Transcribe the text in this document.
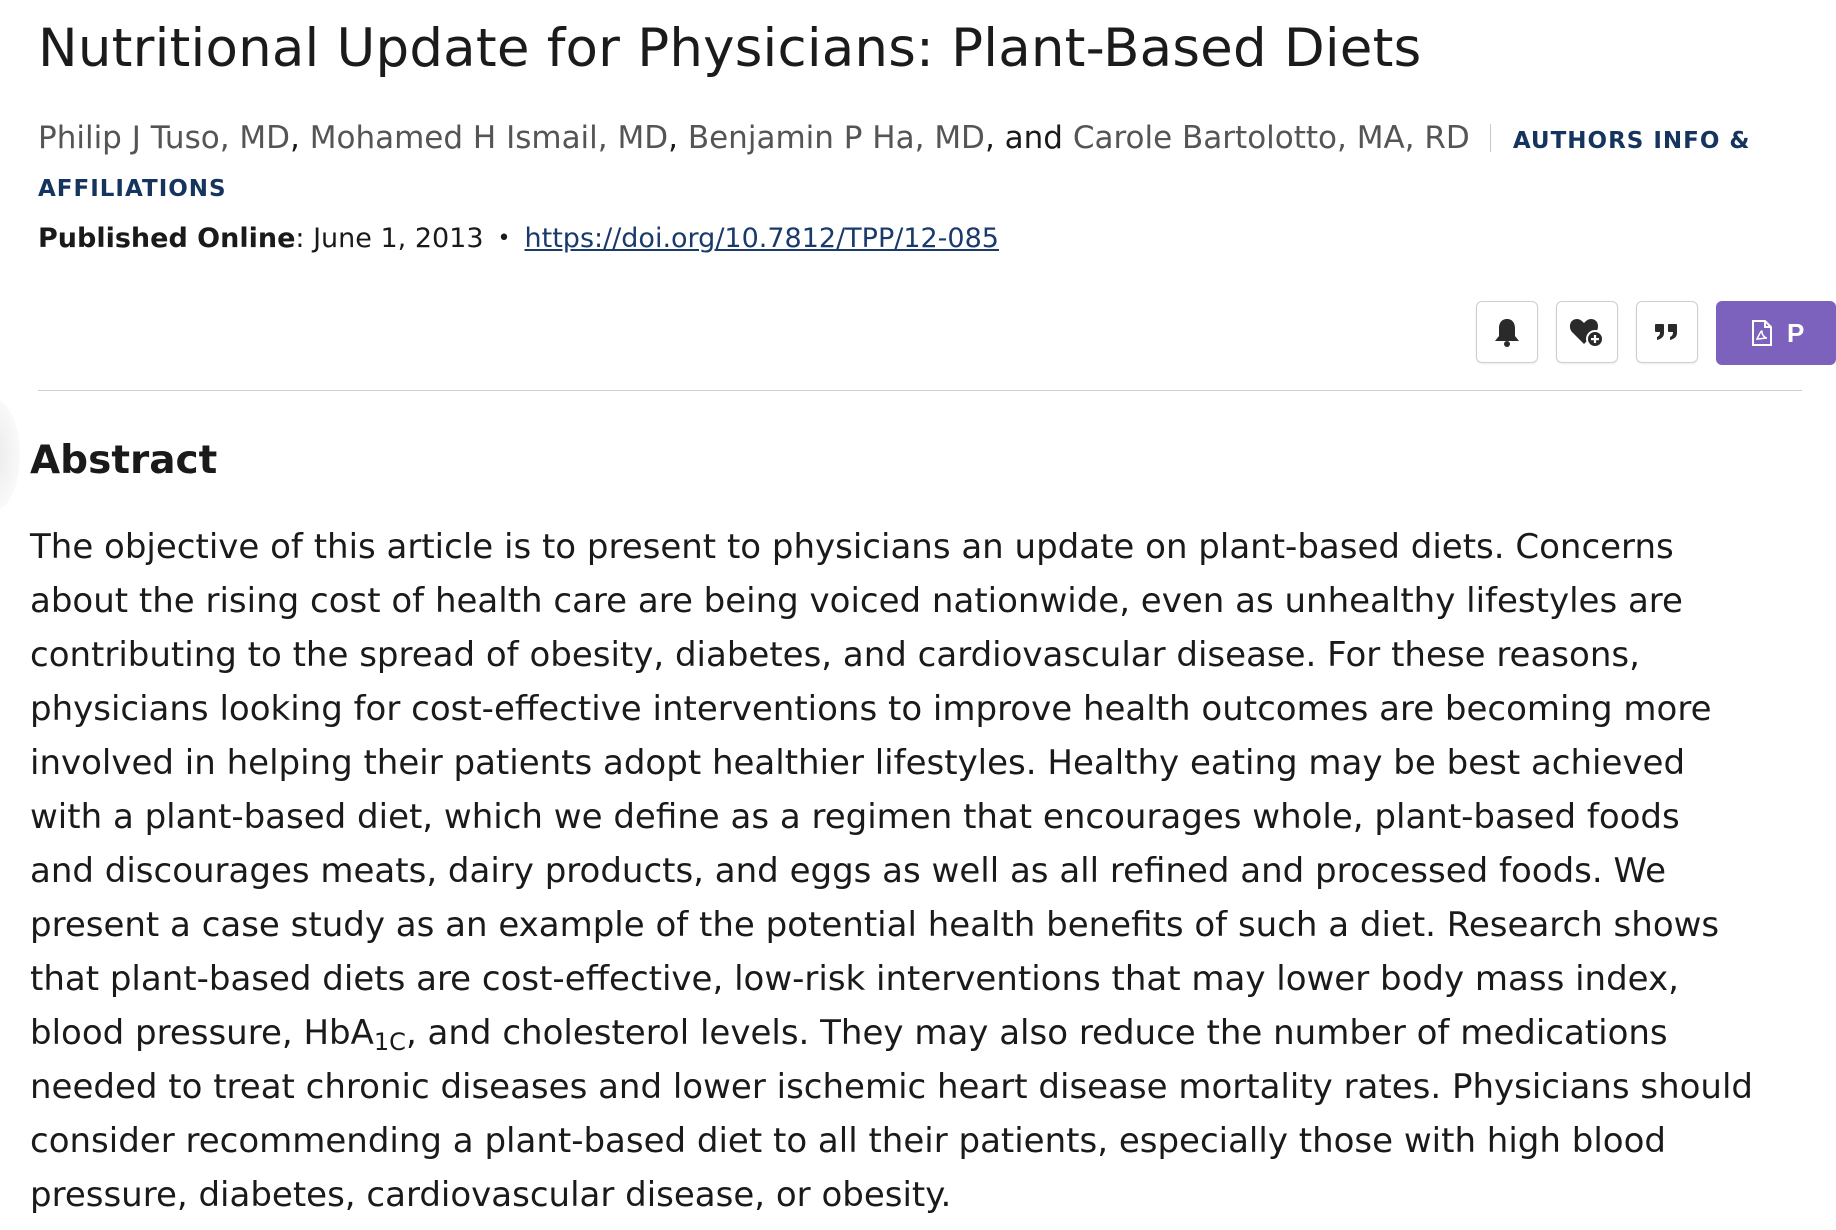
Nutritional Update for Physicians: Plant-Based Diets
Philip J Tuso, MD, Mohamed H Ismail, MD, Benjamin P Ha, MD, and Carole Bartolotto, MA, RD AUTHORS INFO &
AFFILIATIONS
Published Online: June 1, 2013 • https://doi.org/10.7812/TPP/12-085
P
Abstract

The objective of this article is to present to physicians an update on plant-based diets. Concerns
about the rising cost of health care are being voiced nationwide, even as unhealthy lifestyles are
contributing to the spread of obesity, diabetes, and cardiovascular disease. For these reasons,
physicians looking for cost-effective interventions to improve health outcomes are becoming more
involved in helping their patients adopt healthier lifestyles. Healthy eating may be best achieved
with a plant-based diet, which we define as a regimen that encourages whole, plant-based foods
and discourages meats, dairy products, and eggs as well as all refined and processed foods. We
present a case study as an example of the potential health benefits of such a diet. Research shows
that plant-based diets are cost-effective, low-risk interventions that may lower body mass index,
blood pressure, HbA$_{1C}$, and cholesterol levels. They may also reduce the number of medications
needed to treat chronic diseases and lower ischemic heart disease mortality rates. Physicians should
consider recommending a plant-based diet to all their patients, especially those with high blood
pressure, diabetes, cardiovascular disease, or obesity.
